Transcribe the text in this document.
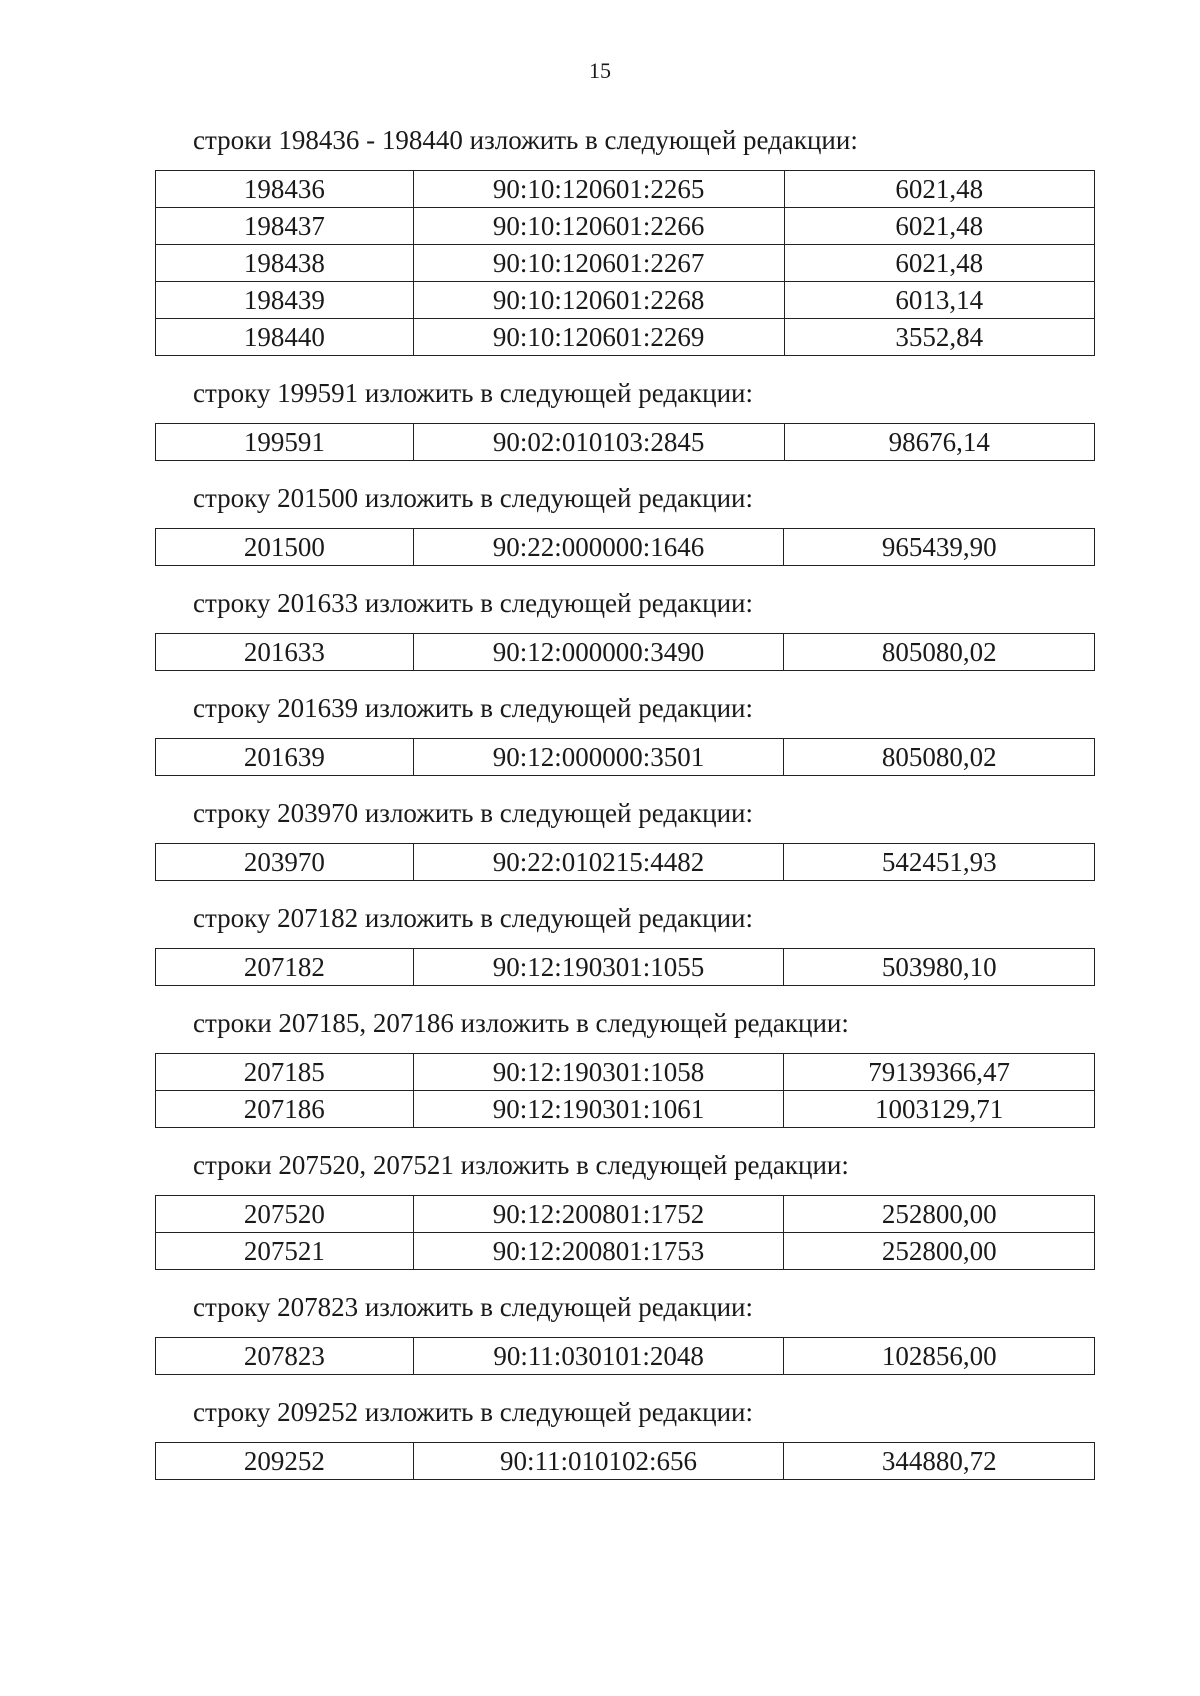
15
строки 198436 - 198440 изложить в следующей редакции:
198436	90:10:120601:2265	6021,48
198437	90:10:120601:2266	6021,48
198438	90:10:120601:2267	6021,48
198439	90:10:120601:2268	6013,14
198440	90:10:120601:2269	3552,84
строку 199591 изложить в следующей редакции:
199591	90:02:010103:2845	98676,14
строку 201500 изложить в следующей редакции:
201500	90:22:000000:1646	965439,90
строку 201633 изложить в следующей редакции:
201633	90:12:000000:3490	805080,02
строку 201639 изложить в следующей редакции:
201639	90:12:000000:3501	805080,02
строку 203970 изложить в следующей редакции:
203970	90:22:010215:4482	542451,93
строку 207182 изложить в следующей редакции:
207182	90:12:190301:1055	503980,10
строки 207185, 207186 изложить в следующей редакции:
207185	90:12:190301:1058	79139366,47
207186	90:12:190301:1061	1003129,71
строки 207520, 207521 изложить в следующей редакции:
207520	90:12:200801:1752	252800,00
207521	90:12:200801:1753	252800,00
строку 207823 изложить в следующей редакции:
207823	90:11:030101:2048	102856,00
строку 209252 изложить в следующей редакции:
209252	90:11:010102:656	344880,72
